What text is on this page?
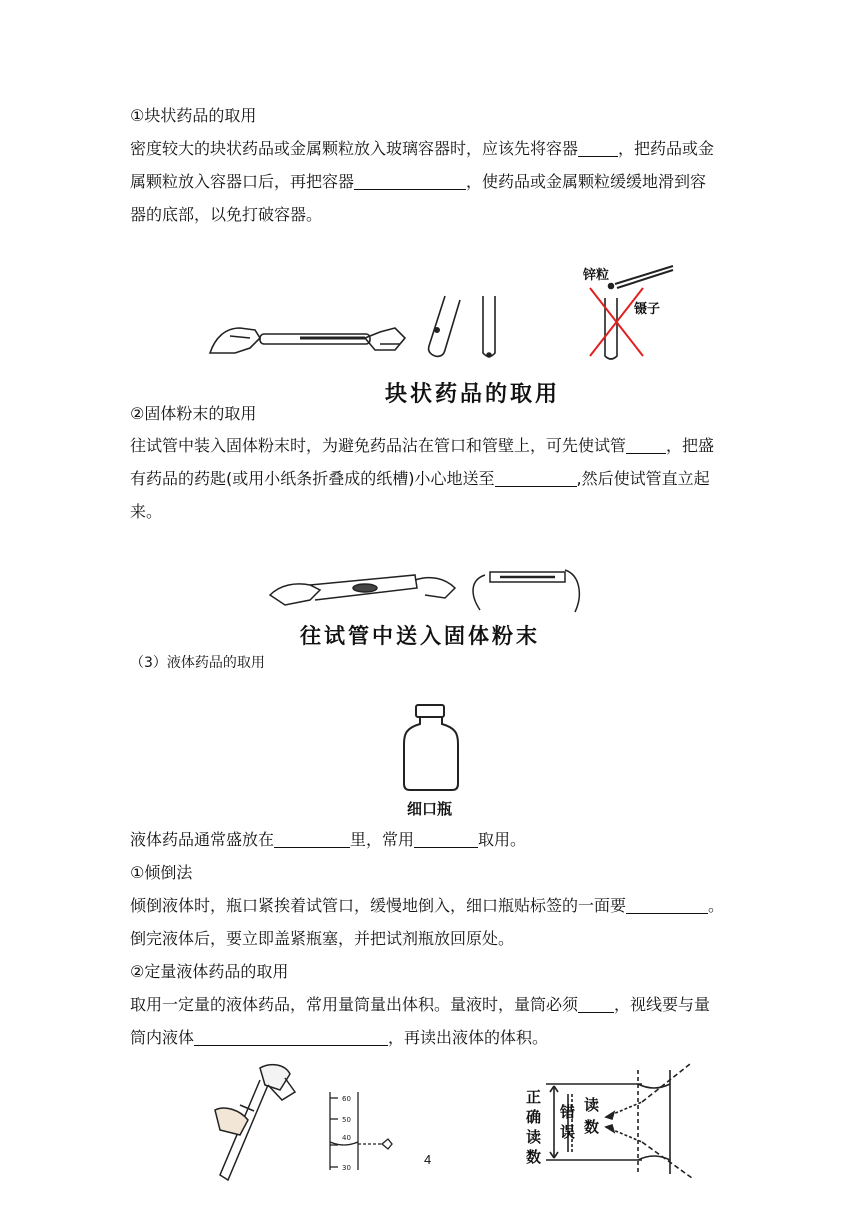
①块状药品的取用
密度较大的块状药品或金属颗粒放入玻璃容器时，应该先将容器	，把药品或金
属颗粒放入容器口后，再把容器	，使药品或金属颗粒缓缓地滑到容
器的底部，以免打破容器。
锌粒
镊子
块状药品的取用
②固体粉末的取用
往试管中装入固体粉末时，为避免药品沾在管口和管壁上，可先使试管	，把盛
有药品的药匙(或用小纸条折叠成的纸槽)小心地送至	,然后使试管直立起
来。
往试管中送入固体粉末
（3）液体药品的取用
细口瓶
液体药品通常盛放在	里，常用	取用。
①倾倒法
倾倒液体时，瓶口紧挨着试管口，缓慢地倒入，细口瓶贴标签的一面要	。
倒完液体后，要立即盖紧瓶塞，并把试剂瓶放回原处。
②定量液体药品的取用
取用一定量的液体药品，常用量筒量出体积。量液时，量筒必须 ，视线要与量
筒内液体	，再读出液体的体积。
60
50
40
30
正
确
读
数
错
误
读
数
4
